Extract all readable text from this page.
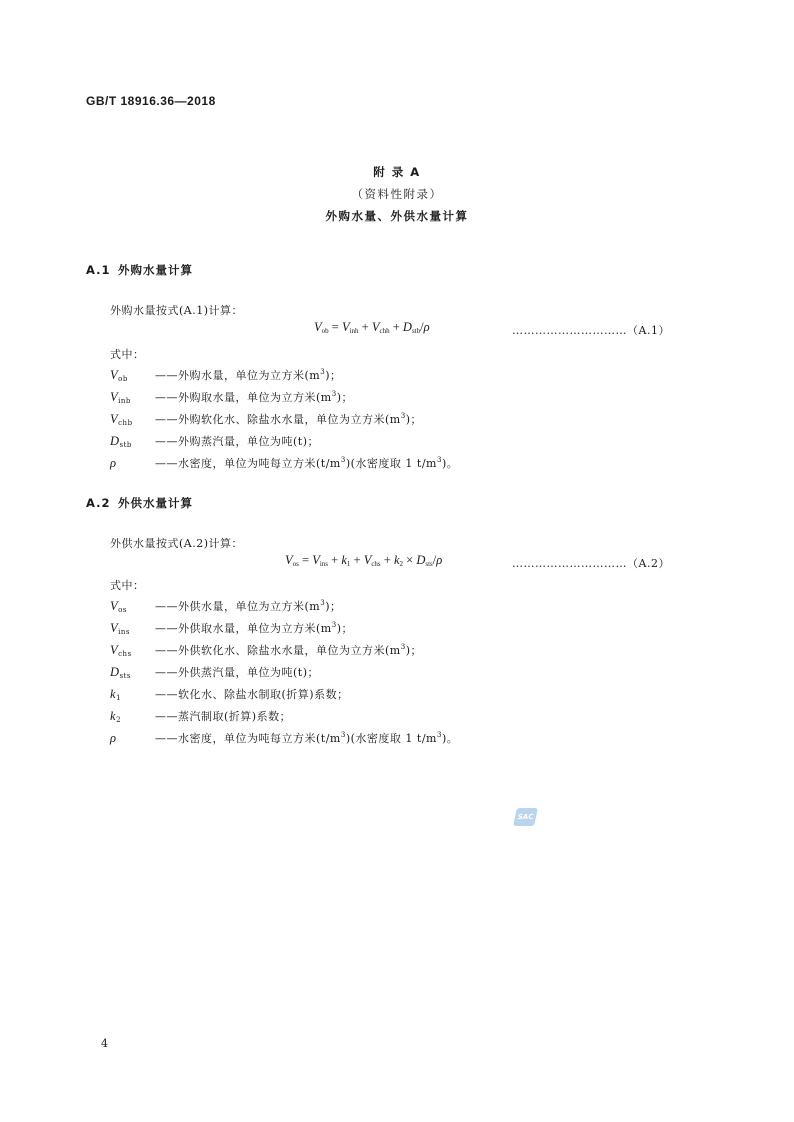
GB/T 18916.36—2018
附 录 A
（资料性附录）
外购水量、外供水量计算
A.1 外购水量计算
外购水量按式(A.1)计算：
$V_{ob} = V_{inh} + V_{chh} + D_{stb}/\rho$	…………………………（A.1）
式中：
$V_{ob}$ ——外购水量，单位为立方米$(m^3)$；
$V_{inb}$ ——外购取水量，单位为立方米$(m^3)$；
$V_{chb}$ ——外购软化水、除盐水水量，单位为立方米$(m^3)$；
$D_{stb}$ ——外购蒸汽量，单位为吨(t)；
ρ	——水密度，单位为吨每立方米$(t/m^3)$(水密度取 1 $t/m^3$)。
A.2 外供水量计算
外供水量按式(A.2)计算：
$V_{os} = V_{ins} + k_1 + V_{chs} + k_2 \times D_{sts}/\rho$	…………………………（A.2）
式中：
$V_{os}$	——外供水量，单位为立方米$(m^3)$；
$V_{ins}$ ——外供取水量，单位为立方米$(m^3)$；
$V_{chs}$ ——外供软化水、除盐水水量，单位为立方米$(m^3)$；
$D_{sts}$ ——外供蒸汽量，单位为吨(t)；
$k_1$	——软化水、除盐水制取(折算)系数；
$k_2$	——蒸汽制取(折算)系数；
ρ	——水密度，单位为吨每立方米$(t/m^3)$(水密度取 1 $t/m^3$)。
SAC
4
